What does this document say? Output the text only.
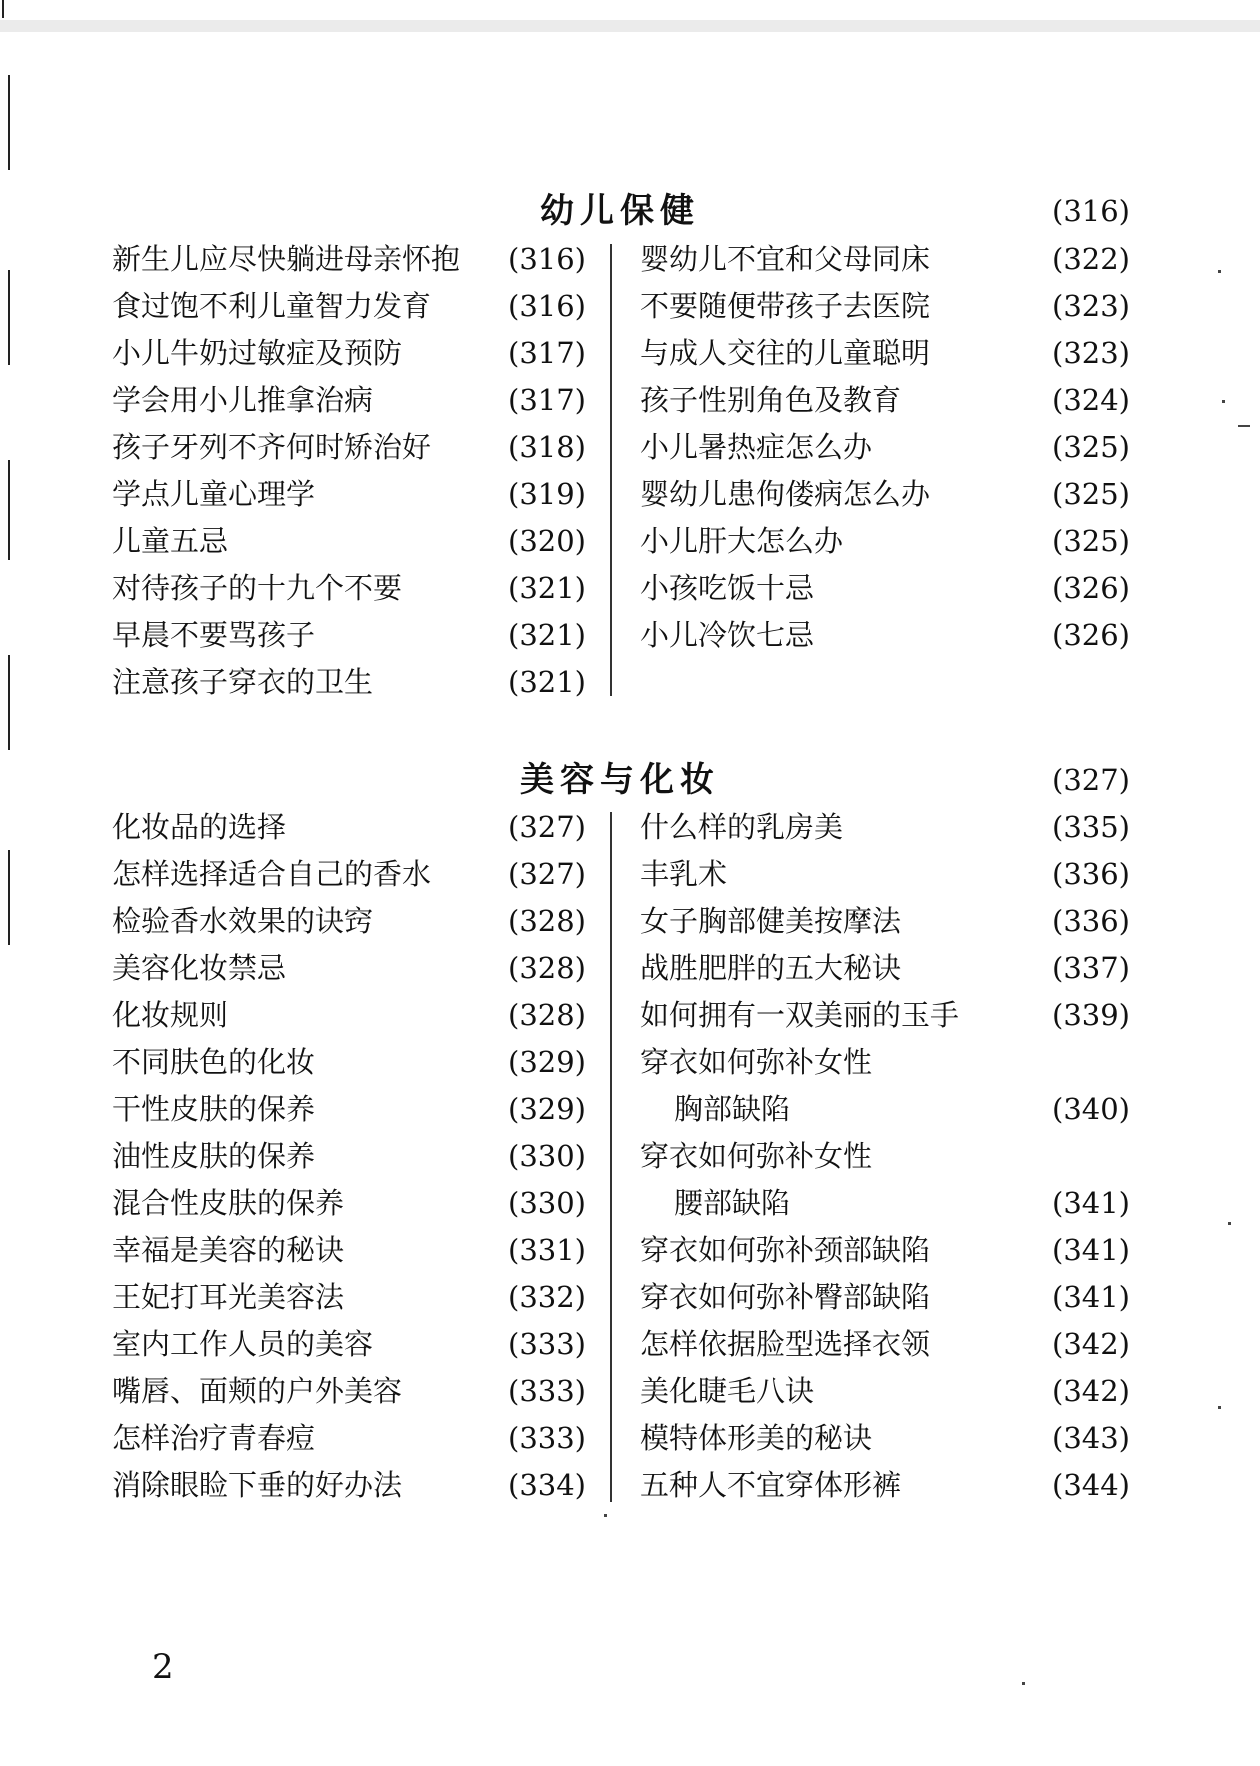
幼儿保健	(316)
新生儿应尽快躺进母亲怀抱 (316)
食过饱不利儿童智力发育	(316)
小儿牛奶过敏症及预防	(317)
学会用小儿推拿治病	(317)
孩子牙列不齐何时矫治好	(318)
学点儿童心理学	(319)
儿童五忌	(320)
对待孩子的十九个不要	(321)
早晨不要骂孩子	(321)
注意孩子穿衣的卫生	(321)
婴幼儿不宜和父母同床	(322)
不要随便带孩子去医院	(323)
与成人交往的儿童聪明	(323)
孩子性别角色及教育	(324)
小儿暑热症怎么办	(325)
婴幼儿患佝偻病怎么办	(325)
小儿肝大怎么办	(325)
小孩吃饭十忌	(326)
小儿冷饮七忌	(326)
美容与化妆	(327)
化妆品的选择	(327)
怎样选择适合自己的香水	(327)
检验香水效果的诀窍	(328)
美容化妆禁忌	(328)
化妆规则	(328)
不同肤色的化妆	(329)
干性皮肤的保养	(329)
油性皮肤的保养	(330)
混合性皮肤的保养	(330)
幸福是美容的秘诀	(331)
王妃打耳光美容法	(332)
室内工作人员的美容	(333)
嘴唇、面颊的户外美容	(333)
怎样治疗青春痘	(333)
消除眼睑下垂的好办法	(334)
什么样的乳房美	(335)
丰乳术	(336)
女子胸部健美按摩法	(336)
战胜肥胖的五大秘诀	(337)
如何拥有一双美丽的玉手	(339)
穿衣如何弥补女性
胸部缺陷	(340)
穿衣如何弥补女性
腰部缺陷	(341)
穿衣如何弥补颈部缺陷	(341)
穿衣如何弥补臀部缺陷	(341)
怎样依据脸型选择衣领	(342)
美化睫毛八诀	(342)
模特体形美的秘诀	(343)
五种人不宜穿体形裤	(344)
2
